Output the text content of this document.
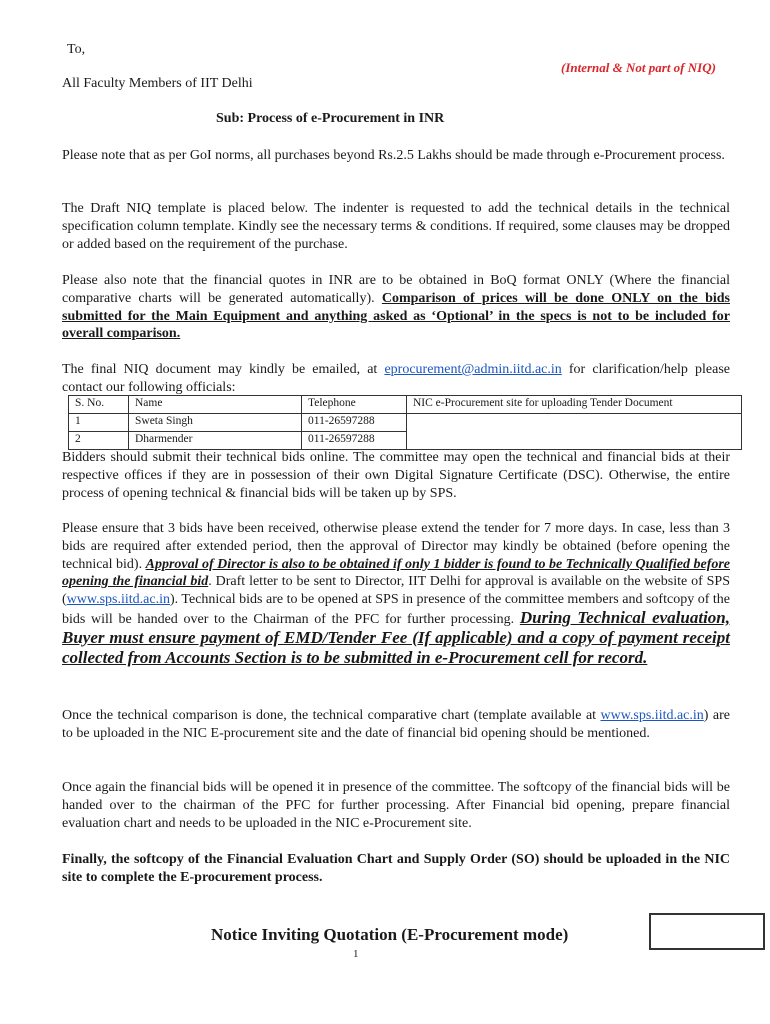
To,
(Internal & Not part of NIQ)
All Faculty Members of IIT Delhi
Sub: Process of e-Procurement in INR

Please note that as per GoI norms, all purchases beyond Rs.2.5 Lakhs should be made through e-Procurement process.

The Draft NIQ template is placed below. The indenter is requested to add the technical details in the technical specification column template. Kindly see the necessary terms & conditions. If required, some clauses may be dropped or added based on the requirement of the purchase.

Please also note that the financial quotes in INR are to be obtained in BoQ format ONLY (Where the financial comparative charts will be generated automatically). Comparison of prices will be done ONLY on the bids submitted for the Main Equipment and anything asked as ‘Optional’ in the specs is not to be included for overall comparison.

The final NIQ document may kindly be emailed, at eprocurement@admin.iitd.ac.in for clarification/help please contact our following officials:

S. No.	Name	Telephone	NIC e-Procurement site for uploading Tender Document
1	Sweta Singh	011-26597288	
2	Dharmender	011-26597288	

Bidders should submit their technical bids online. The committee may open the technical and financial bids at their respective offices if they are in possession of their own Digital Signature Certificate (DSC). Otherwise, the entire process of opening technical & financial bids will be taken up by SPS.

Please ensure that 3 bids have been received, otherwise please extend the tender for 7 more days. In case, less than 3 bids are required after extended period, then the approval of Director may kindly be obtained (before opening the technical bid). Approval of Director is also to be obtained if only 1 bidder is found to be Technically Qualified before opening the financial bid. Draft letter to be sent to Director, IIT Delhi for approval is available on the website of SPS (www.sps.iitd.ac.in). Technical bids are to be opened at SPS in presence of the committee members and softcopy of the bids will be handed over to the Chairman of the PFC for further processing. During Technical evaluation, Buyer must ensure payment of EMD/Tender Fee (If applicable) and a copy of payment receipt collected from Accounts Section is to be submitted in e-Procurement cell for record.

Once the technical comparison is done, the technical comparative chart (template available at www.sps.iitd.ac.in) are to be uploaded in the NIC E-procurement site and the date of financial bid opening should be mentioned.

Once again the financial bids will be opened it in presence of the committee. The softcopy of the financial bids will be handed over to the chairman of the PFC for further processing. After Financial bid opening, prepare financial evaluation chart and needs to be uploaded in the NIC e-Procurement site.

Finally, the softcopy of the Financial Evaluation Chart and Supply Order (SO) should be uploaded in the NIC site to complete the E-procurement process.

Notice Inviting Quotation (E-Procurement mode)
1
